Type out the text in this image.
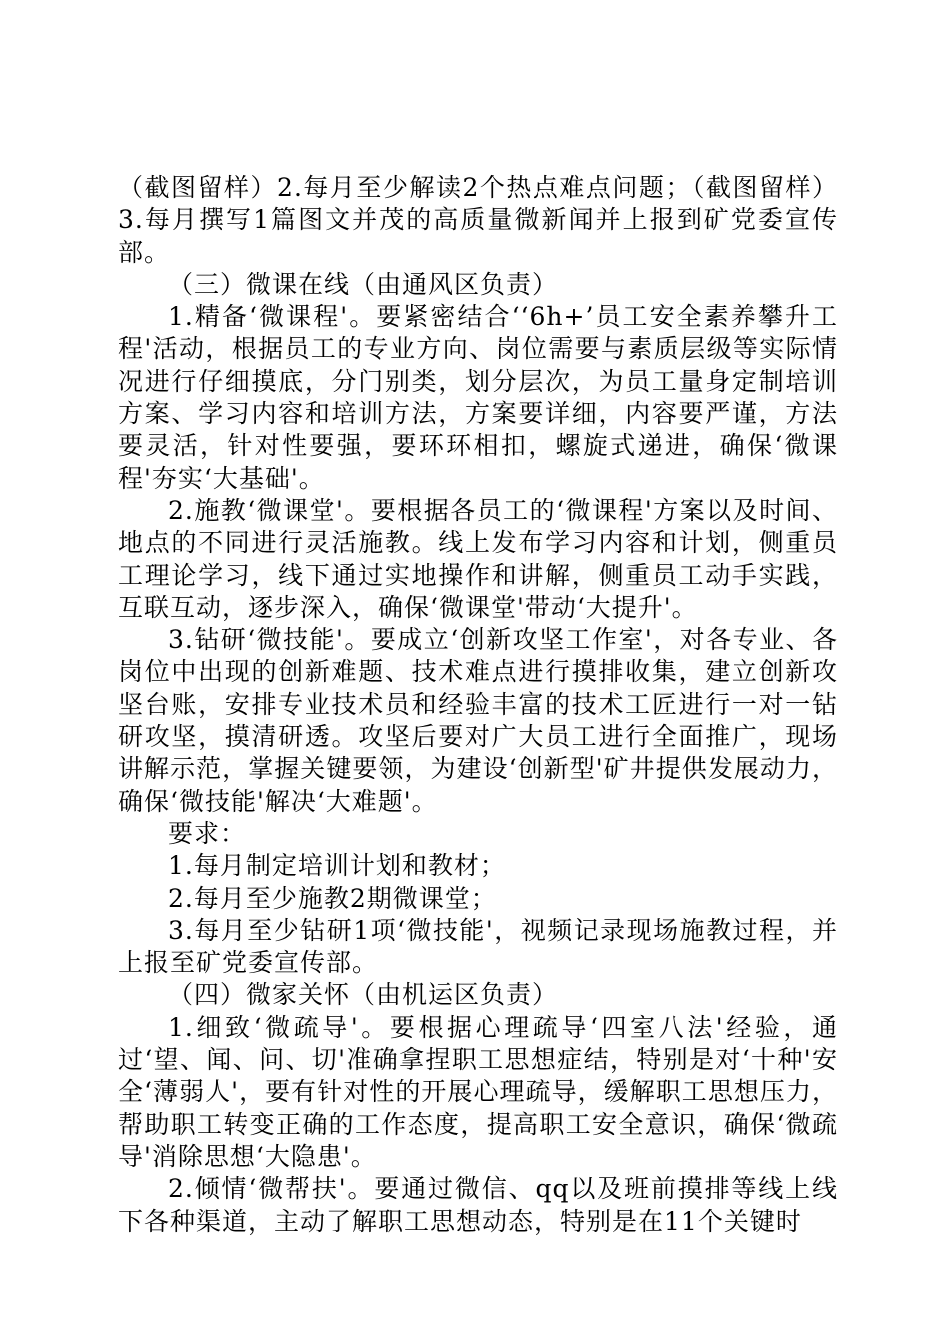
（截图留样）2.每月至少解读2个热点难点问题；（截图留样）3.每月撰写1篇图文并茂的高质量微新闻并上报到矿党委宣传部。

（三）微课在线（由通风区负责）

1.精备‘微课程'。要紧密结合‘‘6h+’员工安全素养攀升工程'活动，根据员工的专业方向、岗位需要与素质层级等实际情况进行仔细摸底，分门别类，划分层次，为员工量身定制培训方案、学习内容和培训方法，方案要详细，内容要严谨，方法要灵活，针对性要强，要环环相扣，螺旋式递进，确保‘微课程'夯实‘大基础'。

2.施教‘微课堂'。要根据各员工的‘微课程'方案以及时间、地点的不同进行灵活施教。线上发布学习内容和计划，侧重员工理论学习，线下通过实地操作和讲解，侧重员工动手实践，互联互动，逐步深入，确保‘微课堂'带动‘大提升'。

3.钻研‘微技能'。要成立‘创新攻坚工作室'，对各专业、各岗位中出现的创新难题、技术难点进行摸排收集，建立创新攻坚台账，安排专业技术员和经验丰富的技术工匠进行一对一钻研攻坚，摸清研透。攻坚后要对广大员工进行全面推广，现场讲解示范，掌握关键要领，为建设‘创新型'矿井提供发展动力，确保‘微技能'解决‘大难题'。

要求：

1.每月制定培训计划和教材；

2.每月至少施教2期微课堂；

3.每月至少钻研1项‘微技能'，视频记录现场施教过程，并上报至矿党委宣传部。

（四）微家关怀（由机运区负责）

1.细致‘微疏导'。要根据心理疏导‘四室八法'经验，通过‘望、闻、问、切'准确拿捏职工思想症结，特别是对‘十种'安全‘薄弱人'，要有针对性的开展心理疏导，缓解职工思想压力，帮助职工转变正确的工作态度，提高职工安全意识，确保‘微疏导'消除思想‘大隐患'。

2.倾情‘微帮扶'。要通过微信、qq以及班前摸排等线上线下各种渠道，主动了解职工思想动态，特别是在11个关键时
